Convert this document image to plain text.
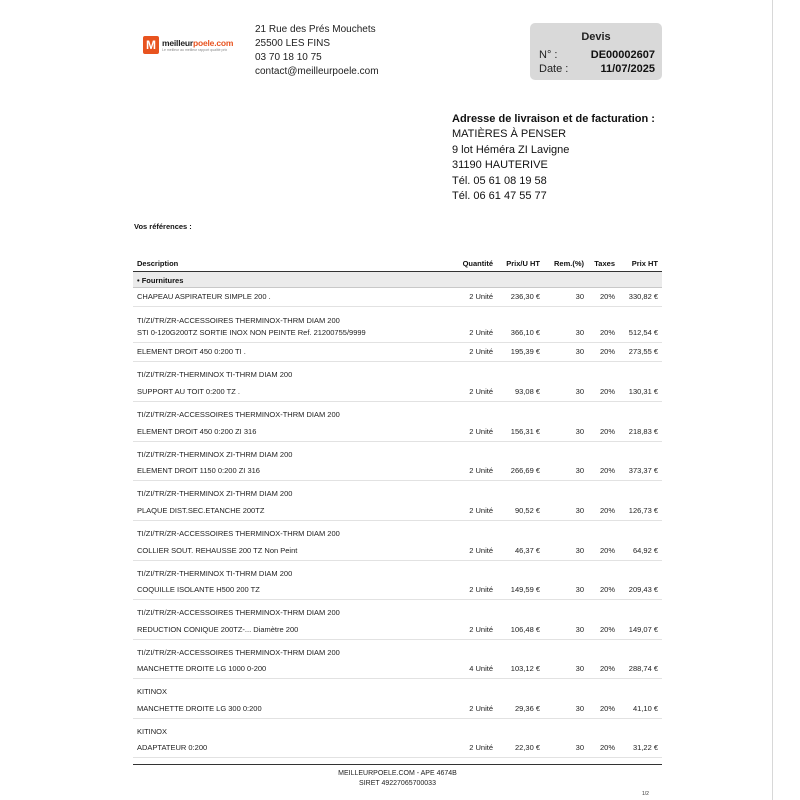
M meilleurpoele.com
Le meilleur au meilleur rapport qualité prix
21 Rue des Prés Mouchets
25500 LES FINS
03 70 18 10 75
contact@meilleurpoele.com
Devis
N° :	DE00002607
Date :	11/07/2025
Adresse de livraison et de facturation :
MATIÈRES À PENSER
9 lot Héméra ZI Lavigne
31190 HAUTERIVE
Tél. 05 61 08 19 58
Tél. 06 61 47 55 77
Vos références :
Description	Quantité Prix/U HT Rem.(%) Taxes Prix HT
• Fournitures
CHAPEAU ASPIRATEUR SIMPLE 200 .	2 Unité 236,30 €	30 20% 330,82 €
TI/ZI/TR/ZR-ACCESSOIRES THERMINOX-THRM DIAM 200
STI 0-120G200TZ SORTIE INOX NON PEINTE Ref. 21200755/9999	2 Unité 366,10 €	30 20% 512,54 €
ELEMENT DROIT 450 0:200 TI .	2 Unité 195,39 €	30 20% 273,55 €
TI/ZI/TR/ZR-THERMINOX TI-THRM DIAM 200
SUPPORT AU TOIT 0:200 TZ .	2 Unité	93,08 €	30 20% 130,31 €
TI/ZI/TR/ZR-ACCESSOIRES THERMINOX-THRM DIAM 200
ELEMENT DROIT 450 0:200 ZI 316	2 Unité 156,31 €	30 20% 218,83 €
TI/ZI/TR/ZR-THERMINOX ZI-THRM DIAM 200
ELEMENT DROIT 1150 0:200 ZI 316	2 Unité 266,69 €	30 20% 373,37 €
TI/ZI/TR/ZR-THERMINOX ZI-THRM DIAM 200
PLAQUE DIST.SEC.ETANCHE 200TZ	2 Unité	90,52 €	30 20% 126,73 €
TI/ZI/TR/ZR-ACCESSOIRES THERMINOX-THRM DIAM 200
COLLIER SOUT. REHAUSSE 200 TZ Non Peint	2 Unité	46,37 €	30 20% 64,92 €
TI/ZI/TR/ZR-THERMINOX TI-THRM DIAM 200
COQUILLE ISOLANTE H500 200 TZ	2 Unité 149,59 €	30 20% 209,43 €
TI/ZI/TR/ZR-ACCESSOIRES THERMINOX-THRM DIAM 200
REDUCTION CONIQUE 200TZ-... Diamètre 200	2 Unité 106,48 €	30 20% 149,07 €
TI/ZI/TR/ZR-ACCESSOIRES THERMINOX-THRM DIAM 200
MANCHETTE DROITE LG 1000 0-200	4 Unité 103,12 €	30 20% 288,74 €
KITINOX
MANCHETTE DROITE LG 300 0:200	2 Unité	29,36 €	30 20% 41,10 €
KITINOX
ADAPTATEUR 0:200	2 Unité	22,30 €	30 20% 31,22 €
MEILLEURPOELE.COM - APE 4674B
SIRET 49227065700033
1/2
